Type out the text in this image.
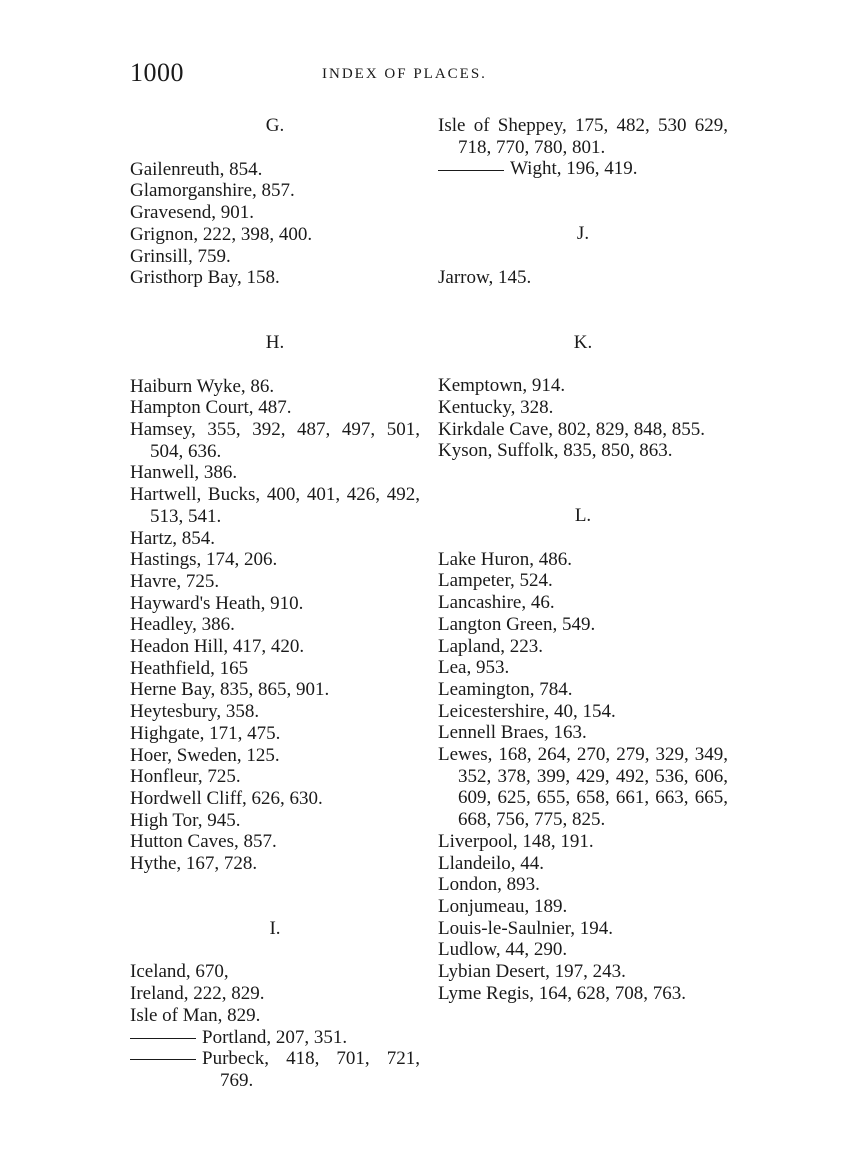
1000	INDEX OF PLACES.
G.
Gailenreuth, 854.
Glamorganshire, 857.
Gravesend, 901.
Grignon, 222, 398, 400.
Grinsill, 759.
Gristhorp Bay, 158.
H.
Haiburn Wyke, 86.
Hampton Court, 487.
Hamsey, 355, 392, 487, 497, 501, 504, 636.
Hanwell, 386.
Hartwell, Bucks, 400, 401, 426, 492, 513, 541.
Hartz, 854.
Hastings, 174, 206.
Havre, 725.
Hayward's Heath, 910.
Headley, 386.
Headon Hill, 417, 420.
Heathfield, 165
Herne Bay, 835, 865, 901.
Heytesbury, 358.
Highgate, 171, 475.
Hoer, Sweden, 125.
Honfleur, 725.
Hordwell Cliff, 626, 630.
High Tor, 945.
Hutton Caves, 857.
Hythe, 167, 728.
I.
Iceland, 670,
Ireland, 222, 829.
Isle of Man, 829.
Portland, 207, 351.
Purbeck, 418, 701, 721, 769.
Isle of Sheppey, 175, 482, 530 629, 718, 770, 780, 801.
Wight, 196, 419.
J.
Jarrow, 145.
K.
Kemptown, 914.
Kentucky, 328.
Kirkdale Cave, 802, 829, 848, 855.
Kyson, Suffolk, 835, 850, 863.
L.
Lake Huron, 486.
Lampeter, 524.
Lancashire, 46.
Langton Green, 549.
Lapland, 223.
Lea, 953.
Leamington, 784.
Leicestershire, 40, 154.
Lennell Braes, 163.
Lewes, 168, 264, 270, 279, 329, 349, 352, 378, 399, 429, 492, 536, 606, 609, 625, 655, 658, 661, 663, 665, 668, 756, 775, 825.
Liverpool, 148, 191.
Llandeilo, 44.
London, 893.
Lonjumeau, 189.
Louis-le-Saulnier, 194.
Ludlow, 44, 290.
Lybian Desert, 197, 243.
Lyme Regis, 164, 628, 708, 763.
